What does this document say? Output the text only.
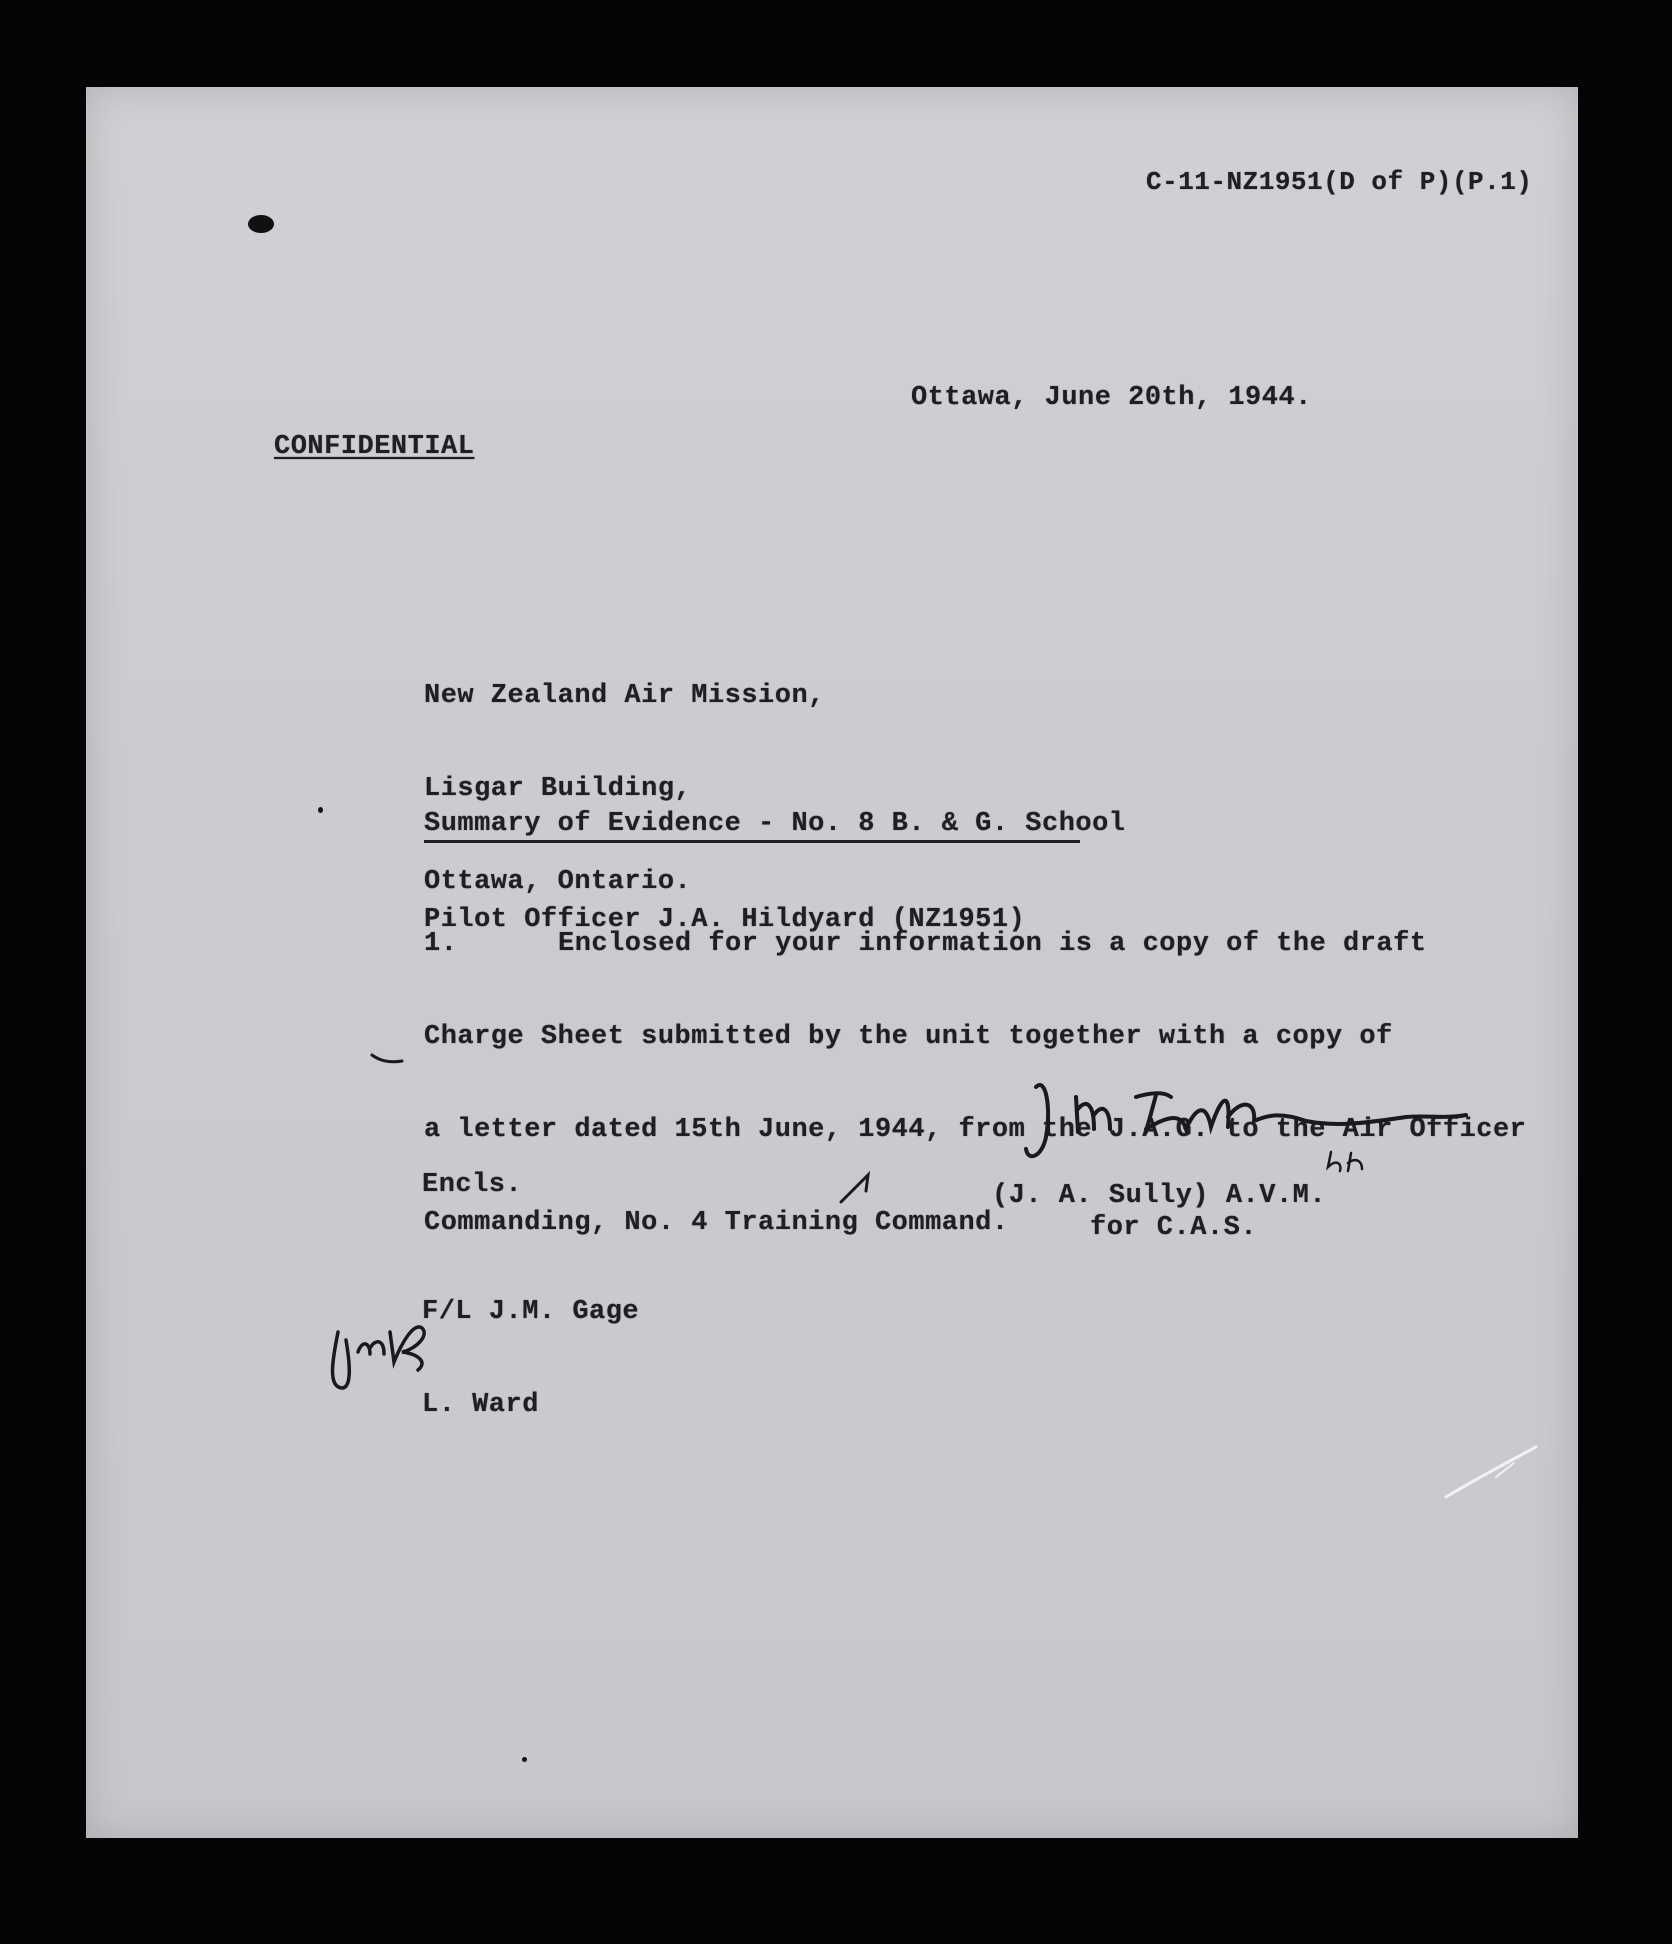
C-11-NZ1951(D of P)(P.1)
Ottawa, June 20th, 1944.
CONFIDENTIAL

New Zealand Air Mission,

Lisgar Building,

Ottawa, Ontario.

Summary of Evidence - No. 8 B. & G. School

Pilot Officer J.A. Hildyard (NZ1951)

1.	Enclosed for your information is a copy of the draft

Charge Sheet submitted by the unit together with a copy of

a letter dated 15th June, 1944, from the J.A.G. to the Air Officer

Commanding, No. 4 Training Command.

(J. A. Sully) A.V.M.
for C.A.S.
Encls.

F/L J.M. Gage

L. Ward
